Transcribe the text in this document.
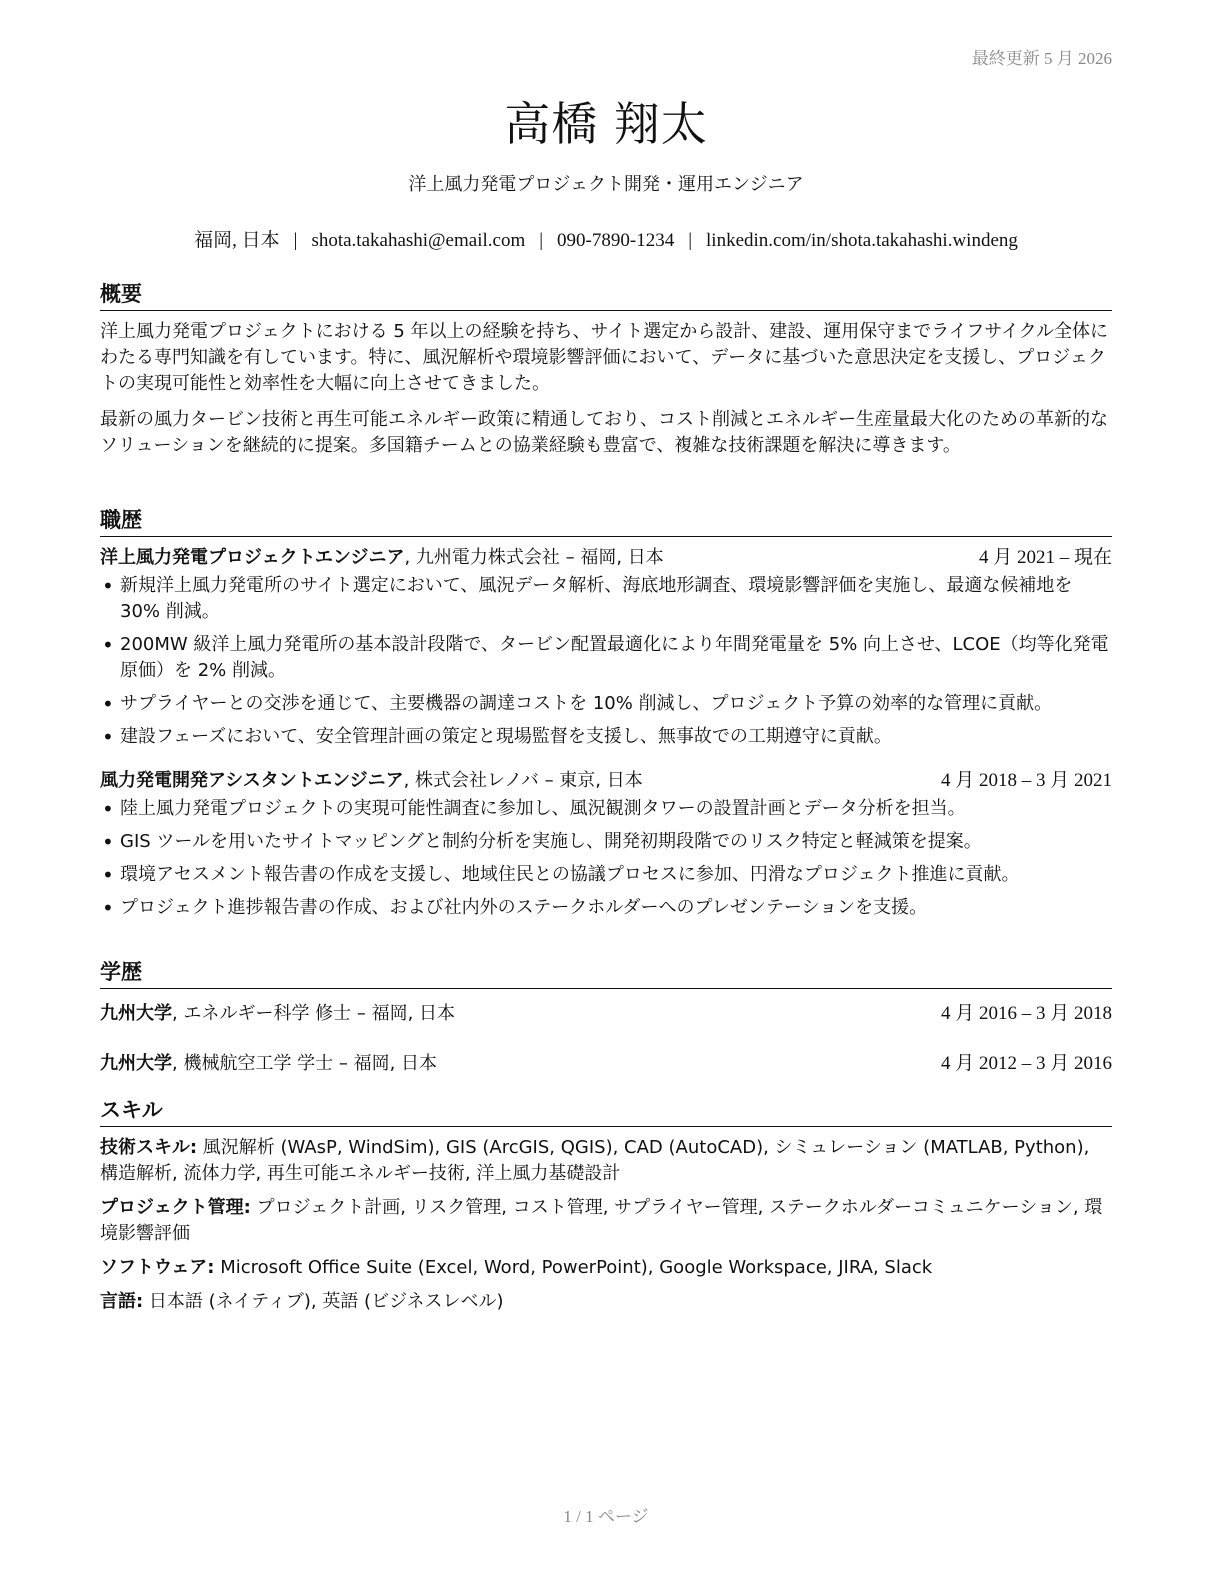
最終更新 5 月 2026
高橋 翔太
洋上風力発電プロジェクト開発・運用エンジニア
福岡, 日本 | shota.takahashi@email.com | 090-7890-1234 | linkedin.com/in/shota.takahashi.windeng
概要

洋上風力発電プロジェクトにおける 5 年以上の経験を持ち、サイト選定から設計、建設、運用保守までライフサイクル全体にわたる専門知識を有しています。特に、風況解析や環境影響評価において、データに基づいた意思決定を支援し、プロジェクトの実現可能性と効率性を大幅に向上させてきました。

最新の風力タービン技術と再生可能エネルギー政策に精通しており、コスト削減とエネルギー生産量最大化のための革新的なソリューションを継続的に提案。多国籍チームとの協業経験も豊富で、複雑な技術課題を解決に導きます。

職歴
洋上風力発電プロジェクトエンジニア, 九州電力株式会社 – 福岡, 日本	4 月 2021 – 現在
• 新規洋上風力発電所のサイト選定において、風況データ解析、海底地形調査、環境影響評価を実施し、最適な候補地を 30% 削減。
• 200MW 級洋上風力発電所の基本設計段階で、タービン配置最適化により年間発電量を 5% 向上させ、LCOE（均等化発電原価）を 2% 削減。
• サプライヤーとの交渉を通じて、主要機器の調達コストを 10% 削減し、プロジェクト予算の効率的な管理に貢献。
• 建設フェーズにおいて、安全管理計画の策定と現場監督を支援し、無事故での工期遵守に貢献。
風力発電開発アシスタントエンジニア, 株式会社レノバ – 東京, 日本	4 月 2018 – 3 月 2021
• 陸上風力発電プロジェクトの実現可能性調査に参加し、風況観測タワーの設置計画とデータ分析を担当。
• GIS ツールを用いたサイトマッピングと制約分析を実施し、開発初期段階でのリスク特定と軽減策を提案。
• 環境アセスメント報告書の作成を支援し、地域住民との協議プロセスに参加、円滑なプロジェクト推進に貢献。
• プロジェクト進捗報告書の作成、および社内外のステークホルダーへのプレゼンテーションを支援。
学歴
九州大学, エネルギー科学 修士 – 福岡, 日本	4 月 2016 – 3 月 2018
九州大学, 機械航空工学 学士 – 福岡, 日本	4 月 2012 – 3 月 2016
スキル
技術スキル: 風況解析 (WAsP, WindSim), GIS (ArcGIS, QGIS), CAD (AutoCAD), シミュレーション (MATLAB, Python), 構造解析, 流体力学, 再生可能エネルギー技術, 洋上風力基礎設計
プロジェクト管理: プロジェクト計画, リスク管理, コスト管理, サプライヤー管理, ステークホルダーコミュニケーション, 環境影響評価
ソフトウェア: Microsoft Office Suite (Excel, Word, PowerPoint), Google Workspace, JIRA, Slack
言語: 日本語 (ネイティブ), 英語 (ビジネスレベル)
1 / 1 ページ
